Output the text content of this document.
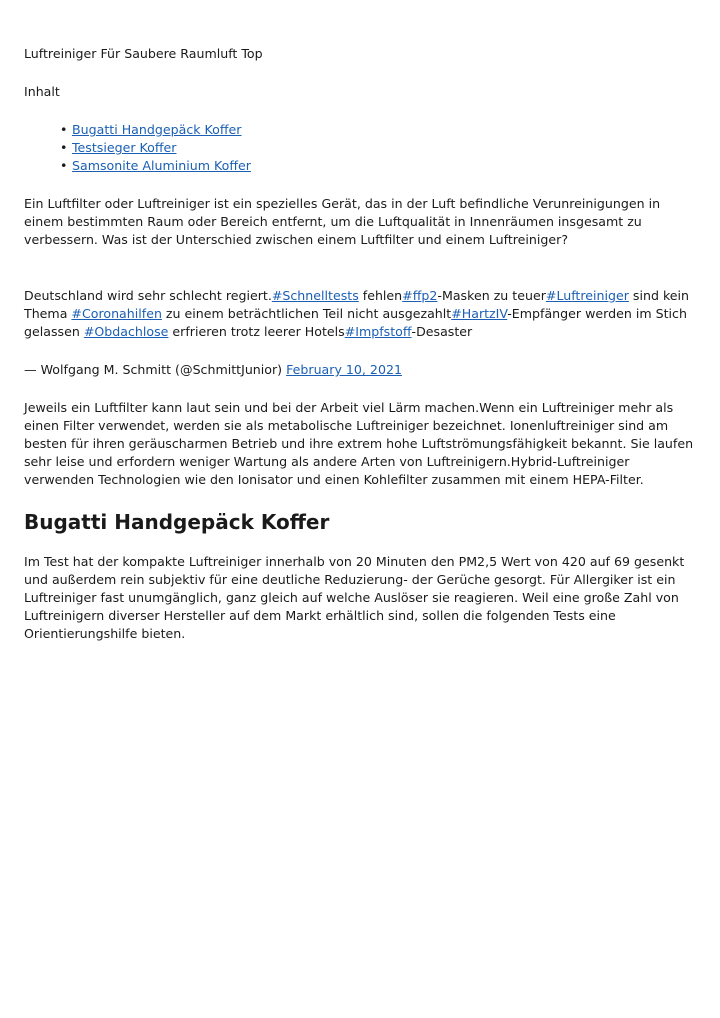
Luftreiniger Für Saubere Raumluft Top

Inhalt

• Bugatti Handgepäck Koffer
• Testsieger Koffer
• Samsonite Aluminium Koffer

Ein Luftfilter oder Luftreiniger ist ein spezielles Gerät, das in der Luft befindliche Verunreinigungen in einem bestimmten Raum oder Bereich entfernt, um die Luftqualität in Innenräumen insgesamt zu verbessern. Was ist der Unterschied zwischen einem Luftfilter und einem Luftreiniger?

Deutschland wird sehr schlecht regiert.#Schnelltests fehlen#ffp2-Masken zu teuer#Luftreiniger sind kein Thema #Coronahilfen zu einem beträchtlichen Teil nicht ausgezahlt#HartzIV-Empfänger werden im Stich gelassen #Obdachlose erfrieren trotz leerer Hotels#Impfstoff-Desaster

— Wolfgang M. Schmitt (@SchmittJunior) February 10, 2021

Jeweils ein Luftfilter kann laut sein und bei der Arbeit viel Lärm machen.Wenn ein Luftreiniger mehr als einen Filter verwendet, werden sie als metabolische Luftreiniger bezeichnet. Ionenluftreiniger sind am besten für ihren geräuscharmen Betrieb und ihre extrem hohe Luftströmungsfähigkeit bekannt. Sie laufen sehr leise und erfordern weniger Wartung als andere Arten von Luftreinigern.Hybrid-Luftreiniger verwenden Technologien wie den Ionisator und einen Kohlefilter zusammen mit einem HEPA-Filter.

Bugatti Handgepäck Koffer

Im Test hat der kompakte Luftreiniger innerhalb von 20 Minuten den PM2,5 Wert von 420 auf 69 gesenkt und außerdem rein subjektiv für eine deutliche Reduzierung- der Gerüche gesorgt. Für Allergiker ist ein Luftreiniger fast unumgänglich, ganz gleich auf welche Auslöser sie reagieren. Weil eine große Zahl von Luftreinigern diverser Hersteller auf dem Markt erhältlich sind, sollen die folgenden Tests eine Orientierungshilfe bieten.
